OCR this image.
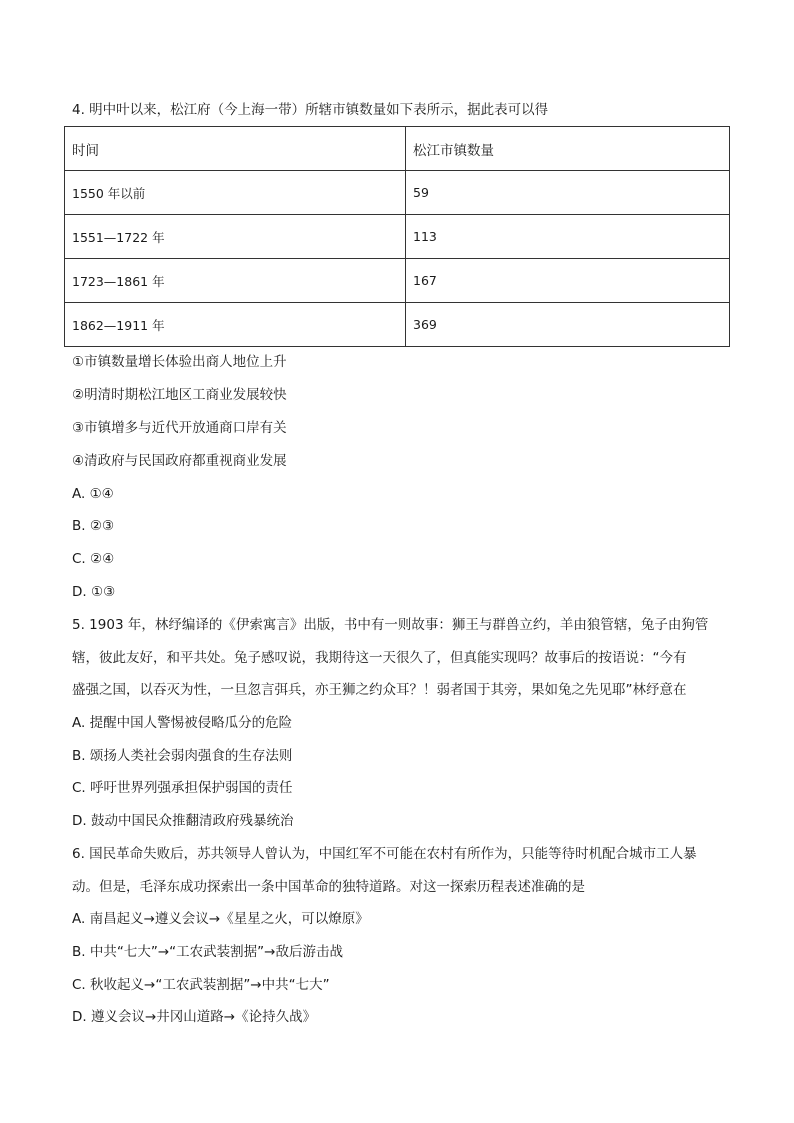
4. 明中叶以来，松江府（今上海一带）所辖市镇数量如下表所示，据此表可以得
时间	松江市镇数量
1550 年以前	59
1551—1722 年	113
1723—1861 年	167
1862—1911 年	369
①市镇数量增长体验出商人地位上升
②明清时期松江地区工商业发展较快
③市镇增多与近代开放通商口岸有关
④清政府与民国政府都重视商业发展
A. ①④
B. ②③
C. ②④
D. ①③
5. 1903 年，林纾编译的《伊索寓言》出版，书中有一则故事：狮王与群兽立约，羊由狼管辖，兔子由狗管
辖，彼此友好，和平共处。兔子感叹说，我期待这一天很久了，但真能实现吗？故事后的按语说：“今有
盛强之国，以吞灭为性，一旦忽言弭兵，亦王狮之约众耳？！弱者国于其旁，果如兔之先见耶”林纾意在
A. 提醒中国人警惕被侵略瓜分的危险
B. 颂扬人类社会弱肉强食的生存法则
C. 呼吁世界列强承担保护弱国的责任
D. 鼓动中国民众推翻清政府残暴统治
6. 国民革命失败后，苏共领导人曾认为，中国红军不可能在农村有所作为，只能等待时机配合城市工人暴
动。但是，毛泽东成功探索出一条中国革命的独特道路。对这一探索历程表述准确的是
A. 南昌起义→遵义会议→《星星之火，可以燎原》
B. 中共“七大”→“工农武装割据”→敌后游击战
C. 秋收起义→“工农武装割据”→中共“七大”
D. 遵义会议→井冈山道路→《论持久战》
